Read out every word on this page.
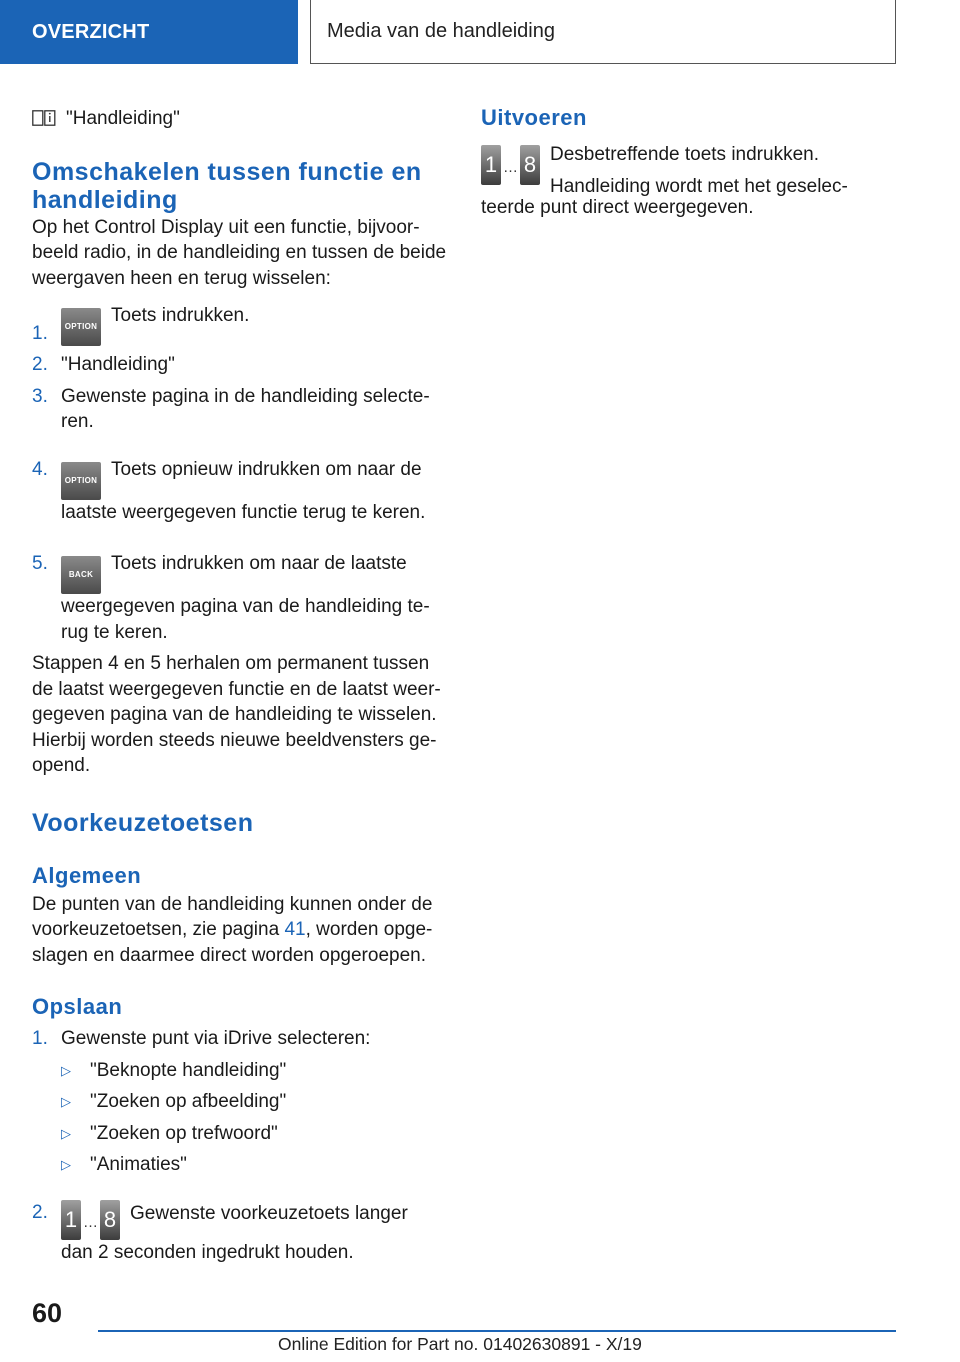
OVERZICHT	Media van de handleiding

"Handleiding"

Omschakelen tussen functie en
handleiding

Op het Control Display uit een functie, bijvoor-
beeld radio, in de handleiding en tussen de beide
weergaven heen en terug wisselen:

1.	OPTIONToets indrukken.
2. "Handleiding"
3. Gewenste pagina in de handleiding selecte-
ren.
4.
OPTIONToets opnieuw indrukken om naar de
laatste weergegeven functie terug te keren.
5.
BACKToets indrukken om naar de laatste
weergegeven pagina van de handleiding te-
rug te keren.

Stappen 4 en 5 herhalen om permanent tussen
de laatst weergegeven functie en de laatst weer-
gegeven pagina van de handleiding te wisselen.
Hierbij worden steeds nieuwe beeldvensters ge-
opend.

Voorkeuzetoetsen
Algemeen

De punten van de handleiding kunnen onder de
voorkeuzetoetsen, zie pagina 41, worden opge-
slagen en daarmee direct worden opgeroepen.

Opslaan
1. Gewenste punt via iDrive selecteren:
▷	"Beknopte handleiding"
▷	"Zoeken op afbeelding"
▷	"Zoeken op trefwoord"
▷	"Animaties"
2. 1 … 8 Gewenste voorkeuzetoets langer
dan 2 seconden ingedrukt houden.
Uitvoeren
1 … 8 Desbetreffende toets indrukken.
Handleiding wordt met het geselec-

teerde punt direct weergegeven.

60
Online Edition for Part no. 01402630891 - X/19
